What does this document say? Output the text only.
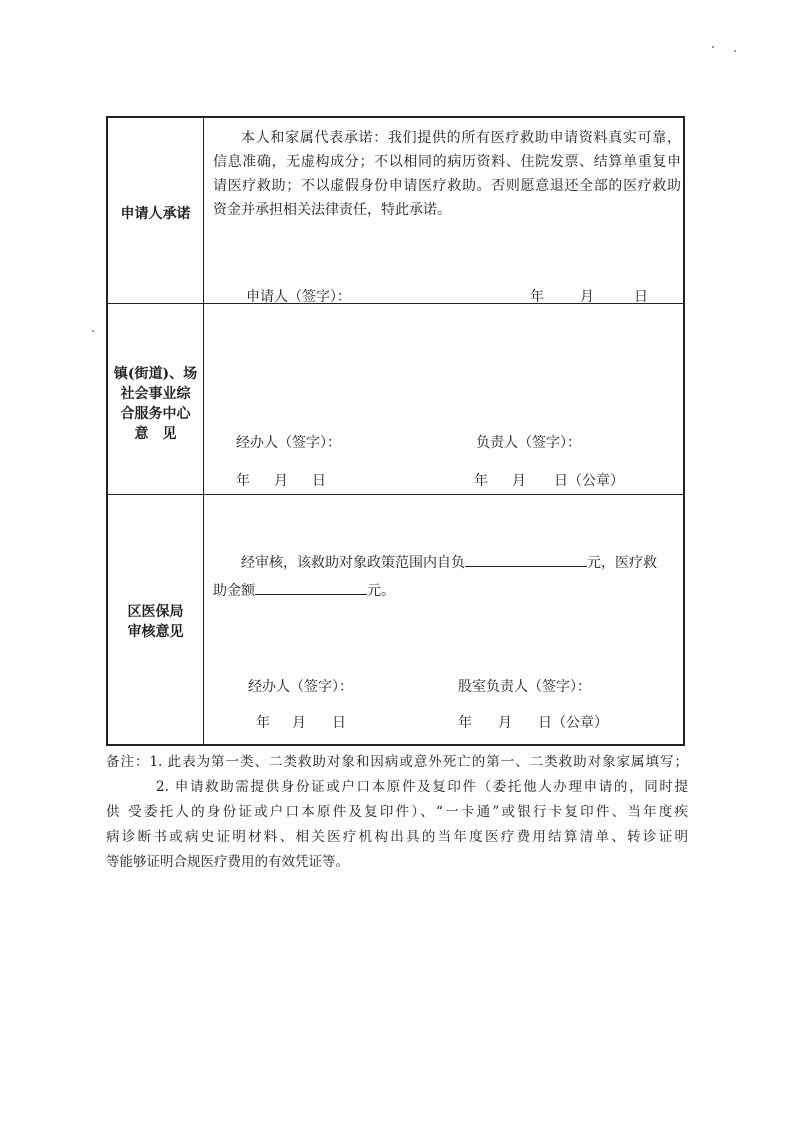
申请人承诺
本人和家属代表承诺：我们提供的所有医疗救助申请资料真实可靠，
信息准确，无虚构成分；不以相同的病历资料、住院发票、结算单重复申
请医疗救助；不以虚假身份申请医疗救助。否则愿意退还全部的医疗救助
资金并承担相关法律责任，特此承诺。
申请人（签字）：	年	月	日
镇(街道)、场
社会事业综
合服务中心
意　见
经办人（签字）：	负责人（签字）：
年 月 日	年 月 日（公章）
区医保局
审核意见
经审核，该救助对象政策范围内自负	元，医疗救
助金额	元。
经办人（签字）：	股室负责人（签字）：
年 月 日	年 月 日（公章）
备注：1. 此表为第一类、二类救助对象和因病或意外死亡的第一、二类救助对象家属填写；
2. 申请救助需提供身份证或户口本原件及复印件（委托他人办理申请的，同时提
供 受委托人的身份证或户口本原件及复印件）、“一卡通”或银行卡复印件、当年度疾
病诊断书或病史证明材料、相关医疗机构出具的当年度医疗费用结算清单、转诊证明
等能够证明合规医疗费用的有效凭证等。
